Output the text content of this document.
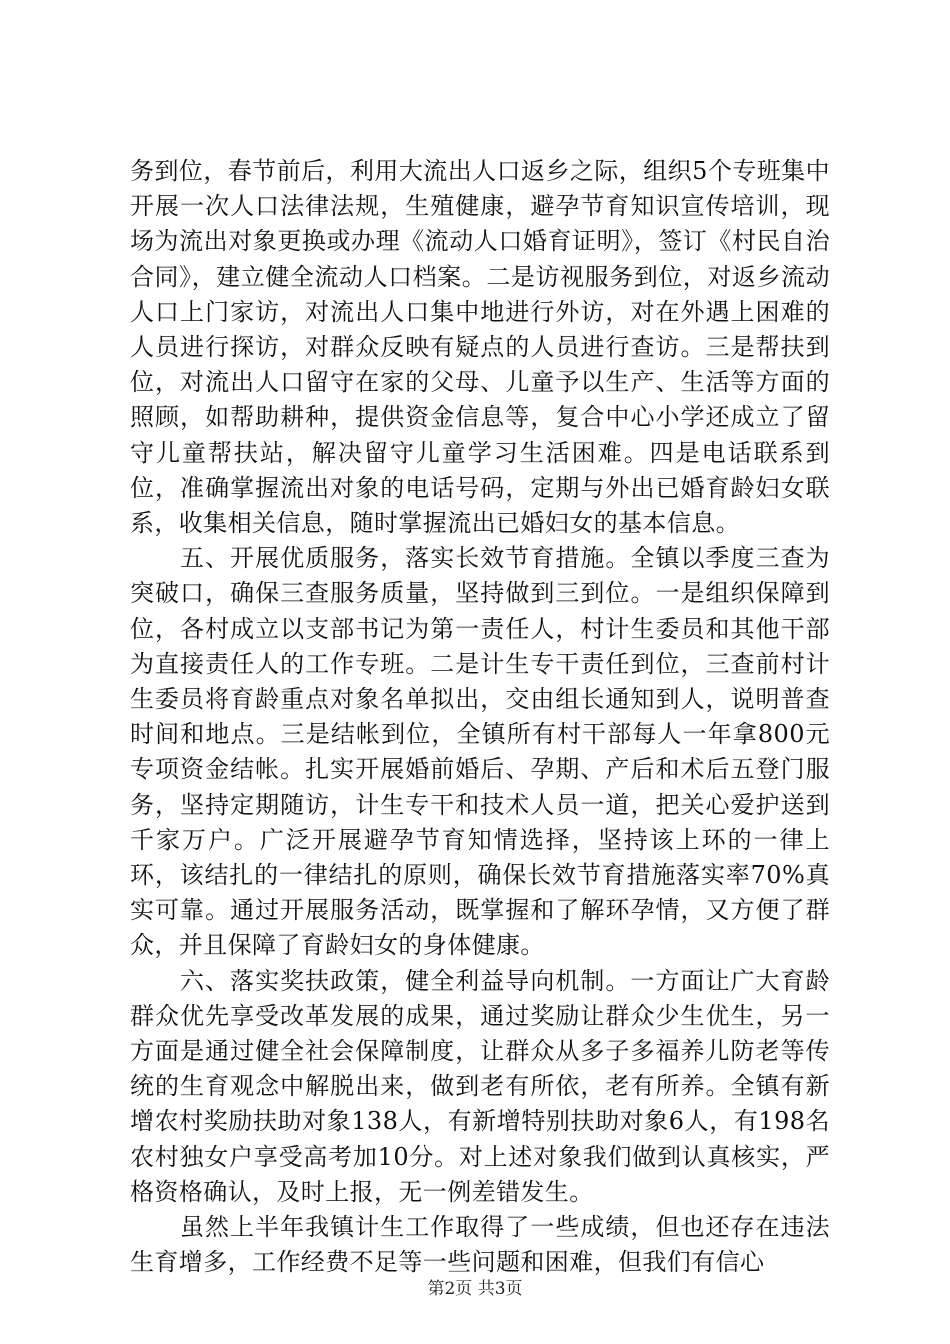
务到位，春节前后，利用大流出人口返乡之际，组织5个专班集中开展一次人口法律法规，生殖健康，避孕节育知识宣传培训，现场为流出对象更换或办理《流动人口婚育证明》，签订《村民自治合同》，建立健全流动人口档案。二是访视服务到位，对返乡流动人口上门家访，对流出人口集中地进行外访，对在外遇上困难的人员进行探访，对群众反映有疑点的人员进行查访。三是帮扶到位，对流出人口留守在家的父母、儿童予以生产、生活等方面的照顾，如帮助耕种，提供资金信息等，复合中心小学还成立了留守儿童帮扶站，解决留守儿童学习生活困难。四是电话联系到位，准确掌握流出对象的电话号码，定期与外出已婚育龄妇女联系，收集相关信息，随时掌握流出已婚妇女的基本信息。

五、开展优质服务，落实长效节育措施。全镇以季度三查为突破口，确保三查服务质量，坚持做到三到位。一是组织保障到位，各村成立以支部书记为第一责任人，村计生委员和其他干部为直接责任人的工作专班。二是计生专干责任到位，三查前村计生委员将育龄重点对象名单拟出，交由组长通知到人，说明普查时间和地点。三是结帐到位，全镇所有村干部每人一年拿800元专项资金结帐。扎实开展婚前婚后、孕期、产后和术后五登门服务，坚持定期随访，计生专干和技术人员一道，把关心爱护送到千家万户。广泛开展避孕节育知情选择，坚持该上环的一律上环，该结扎的一律结扎的原则，确保长效节育措施落实率70%真实可靠。通过开展服务活动，既掌握和了解环孕情，又方便了群众，并且保障了育龄妇女的身体健康。

六、落实奖扶政策，健全利益导向机制。一方面让广大育龄群众优先享受改革发展的成果，通过奖励让群众少生优生，另一方面是通过健全社会保障制度，让群众从多子多福养儿防老等传统的生育观念中解脱出来，做到老有所依，老有所养。全镇有新增农村奖励扶助对象138人，有新增特别扶助对象6人，有198名农村独女户享受高考加10分。对上述对象我们做到认真核实，严格资格确认，及时上报，无一例差错发生。

虽然上半年我镇计生工作取得了一些成绩，但也还存在违法生育增多，工作经费不足等一些问题和困难，但我们有信心

第2页 共3页
